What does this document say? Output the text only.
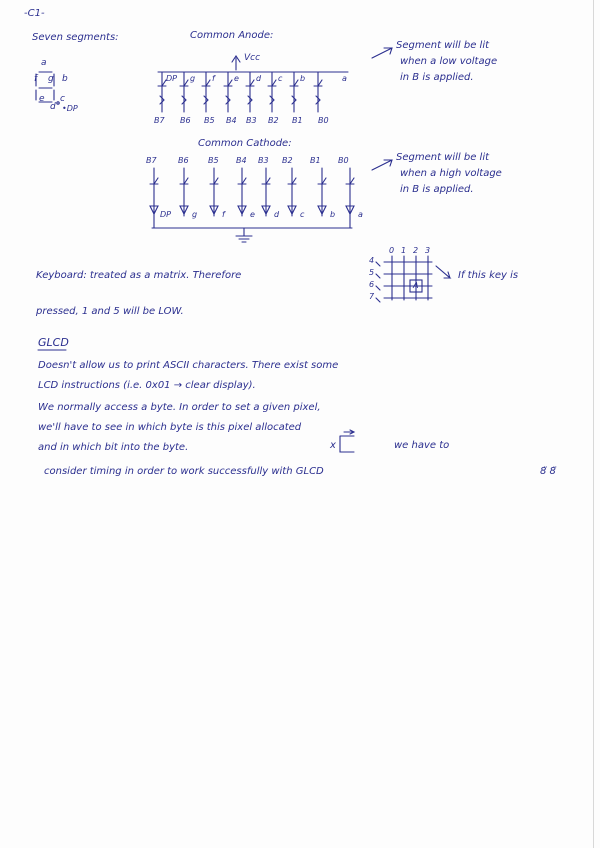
-C1-
Seven segments:
a
f g b
e
d
c
•DP
Common Anode:
Vcc
DP g f e d c b	a
B7 B6 B5 B4 B3 B2 B1 B0
Segment will be lit
when a low voltage
in B is applied.
Common Cathode:
B7	B6 B5 B4 B3 B2 B1 B0
DP	g	f	e d	c	b	a
Segment will be lit
when a high voltage
in B is applied.
Keyboard: treated as a matrix. Therefore
pressed, 1 and 5 will be LOW.
If this key is
0 1 2 3
4
5
6
7
A
GLCD
Doesn't allow us to print ASCII characters. There exist some
LCD instructions (i.e. 0x01 → clear display).
We normally access a byte. In order to set a given pixel,
we'll have to see in which byte is this pixel allocated
and in which bit into the byte.	x	we have to
consider timing in order to work successfully with GLCD	8̈ 8̈
